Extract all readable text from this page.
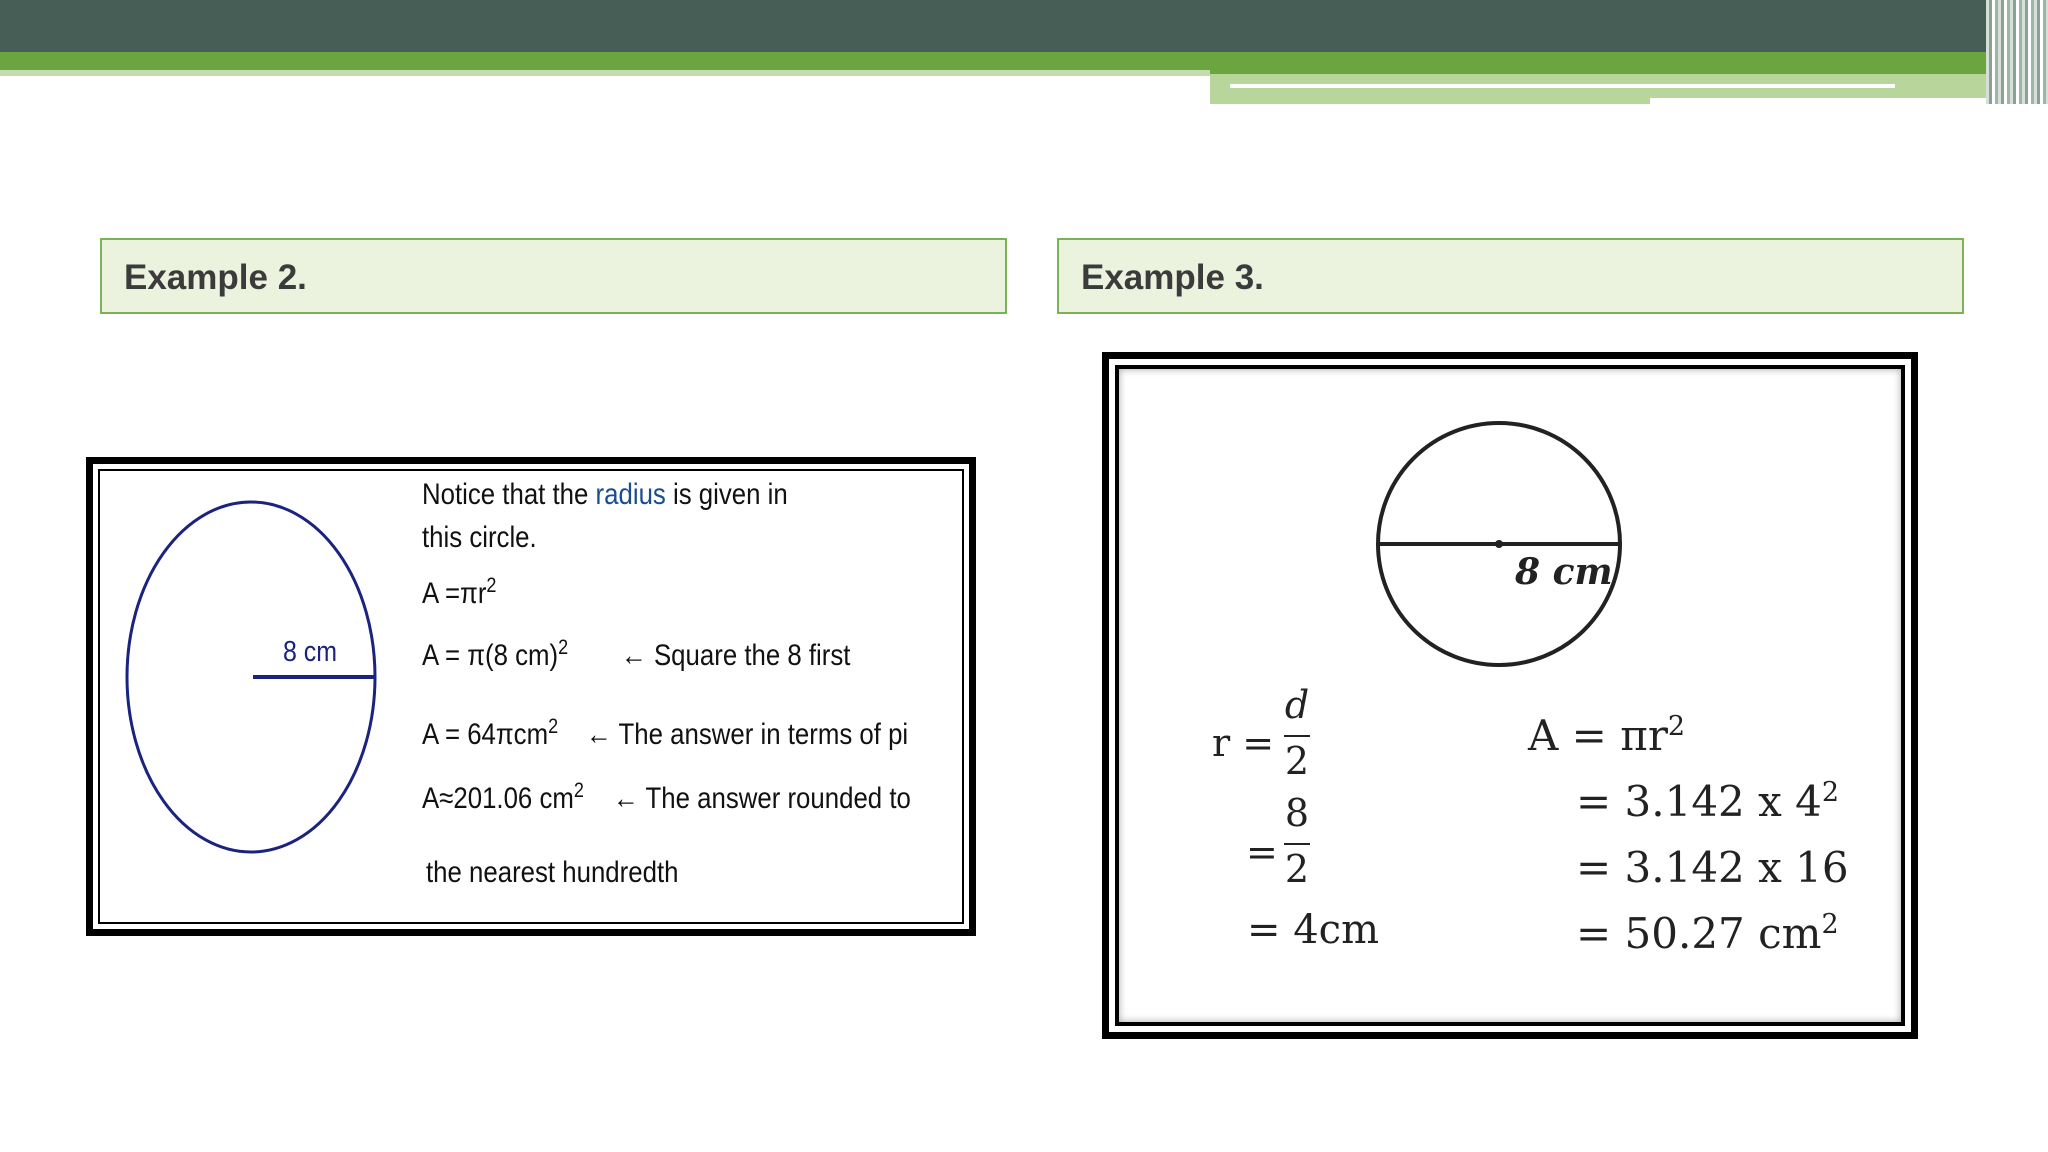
Example 2.	Example 3.
8 cm
Notice that the radius is given in
this circle.
$A =\pi r^2$
A = π(8 cm)$^2$ ← Square the 8 first
A = 64πcm$^2$ ← The answer in terms of pi
A≈201.06 $cm^2$ ← The answer rounded to
the nearest hundredth
8 cm
r =
d
2
=
8
2
= 4cm
$A = \pi r^2$
= 3.142 x $4^2$
= 3.142 x 16
= 50.27 $cm^2$
